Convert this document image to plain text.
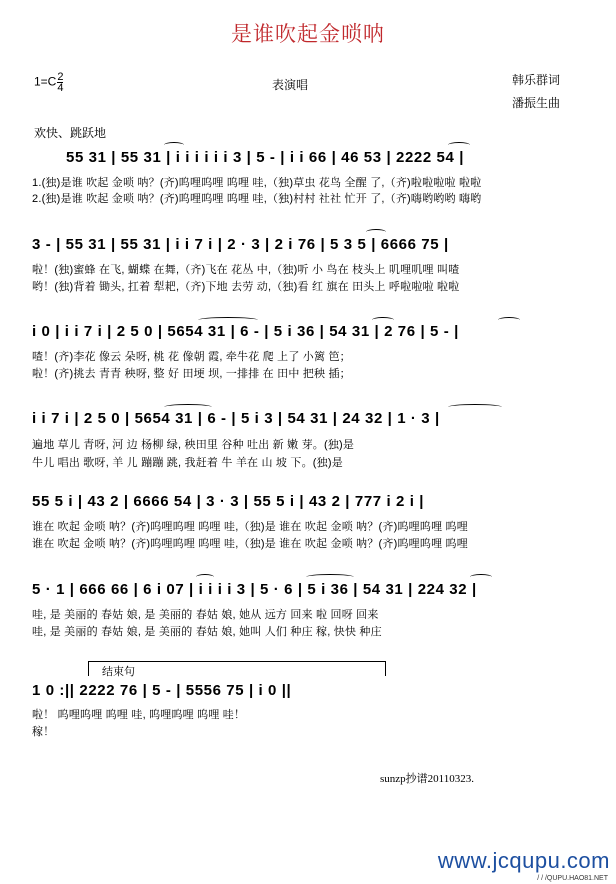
是谁吹起金唢呐
$1=C \frac{2}{4}$	表演唱	韩乐群词
潘振生曲
欢快、跳跃地
55 31 | 55 31 | i i i i i i 3 | 5 - | i i 66 | 46 53 | 2222 54 |
1.(独)是谁 吹起 金唢 呐？(齐)呜哩呜哩 呜哩 哇,（独)草虫 花鸟 全醒 了,（齐)啦啦啦啦 啦啦
2.(独)是谁 吹起 金唢 呐？(齐)呜哩呜哩 呜哩 哇,（独)村村 社社 忙开 了,（齐)嗨哟哟哟 嗨哟
3 - | 55 31 | 55 31 | i i 7 i | 2 · 3 | 2 i 76 | 5 3 5 | 6666 75 |
啦！(独)蜜蜂 在飞, 蝴蝶 在舞,（齐)飞在 花丛 中,（独)听 小 鸟在 枝头上 叽哩叽哩 叫喳
哟！(独)背着 锄头, 扛着 犁耙,（齐)下地 去劳 动,（独)看 红 旗在 田头上 呼啦啦啦 啦啦
i 0 | i i 7 i | 2 5 0 | 5654 31 | 6 - | 5 i 36 | 54 31 | 2 76 | 5 - |
喳！(齐)李花 像云 朵呀, 桃 花 像朝 霞, 牵牛花 爬 上了 小篱 笆；
啦！(齐)挑去 青青 秧呀, 整 好 田埂 坝, 一排排 在 田中 把秧 插；
i i 7 i | 2 5 0 | 5654 31 | 6 - | 5 i 3 | 54 31 | 24 32 | 1 · 3 |
遍地 草儿 青呀, 河 边 杨柳 绿, 秧田里 谷种 吐出 新 嫩 芽。(独)是
牛儿 唱出 歌呀, 羊 儿 蹦蹦 跳, 我赶着 牛 羊在 山 坡 下。(独)是
55 5 i | 43 2 | 6666 54 | 3 · 3 | 55 5 i | 43 2 | 777 i 2 i |
谁在 吹起 金唢 呐？(齐)呜哩呜哩 呜哩 哇,（独)是 谁在 吹起 金唢 呐？(齐)呜哩呜哩 呜哩
谁在 吹起 金唢 呐？(齐)呜哩呜哩 呜哩 哇,（独)是 谁在 吹起 金唢 呐？(齐)呜哩呜哩 呜哩
5 · 1 | 666 66 | 6 i 07 | i i i i 3 | 5 · 6 | 5 i 36 | 54 31 | 224 32 |
哇, 是 美丽的 春姑 娘, 是 美丽的 春姑 娘, 她从 远方 回来 啦 回呀 回来
哇, 是 美丽的 春姑 娘, 是 美丽的 春姑 娘, 她叫 人们 种庄 稼, 快快 种庄
结束句
1 0 :|| 2222 76 | 5 - | 5556 75 | i 0 ||
啦！ 呜哩呜哩 呜哩 哇, 呜哩呜哩 呜哩 哇！
稼！
sunzp抄谱20110323.
www.jcqupu.com
/ / /QUPU.HAO81.NET
